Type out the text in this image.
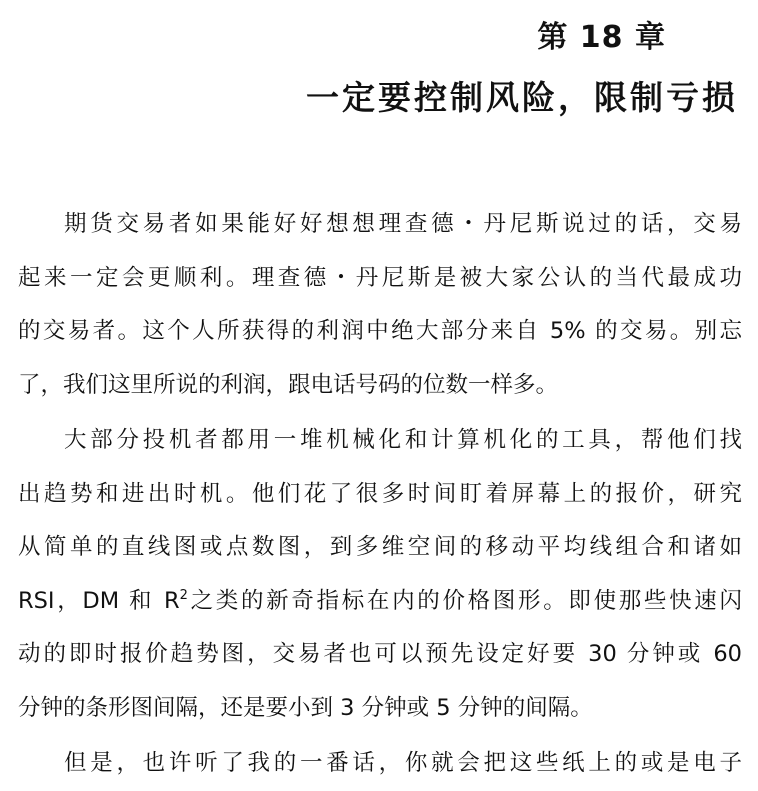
第 18 章
一定要控制风险，限制亏损
期货交易者如果能好好想想理查德・丹尼斯说过的话，交易
起来一定会更顺利。理查德・丹尼斯是被大家公认的当代最成功
的交易者。这个人所获得的利润中绝大部分来自 5% 的交易。别忘
了，我们这里所说的利润，跟电话号码的位数一样多。
大部分投机者都用一堆机械化和计算机化的工具，帮他们找
出趋势和进出时机。他们花了很多时间盯着屏幕上的报价，研究
从简单的直线图或点数图，到多维空间的移动平均线组合和诸如
RSI，DM 和 $R^2$之类的新奇指标在内的价格图形。即使那些快速闪
动的即时报价趋势图，交易者也可以预先设定好要 30 分钟或 60
分钟的条形图间隔，还是要小到 3 分钟或 5 分钟的间隔。
但是，也许听了我的一番话，你就会把这些纸上的或是电子
